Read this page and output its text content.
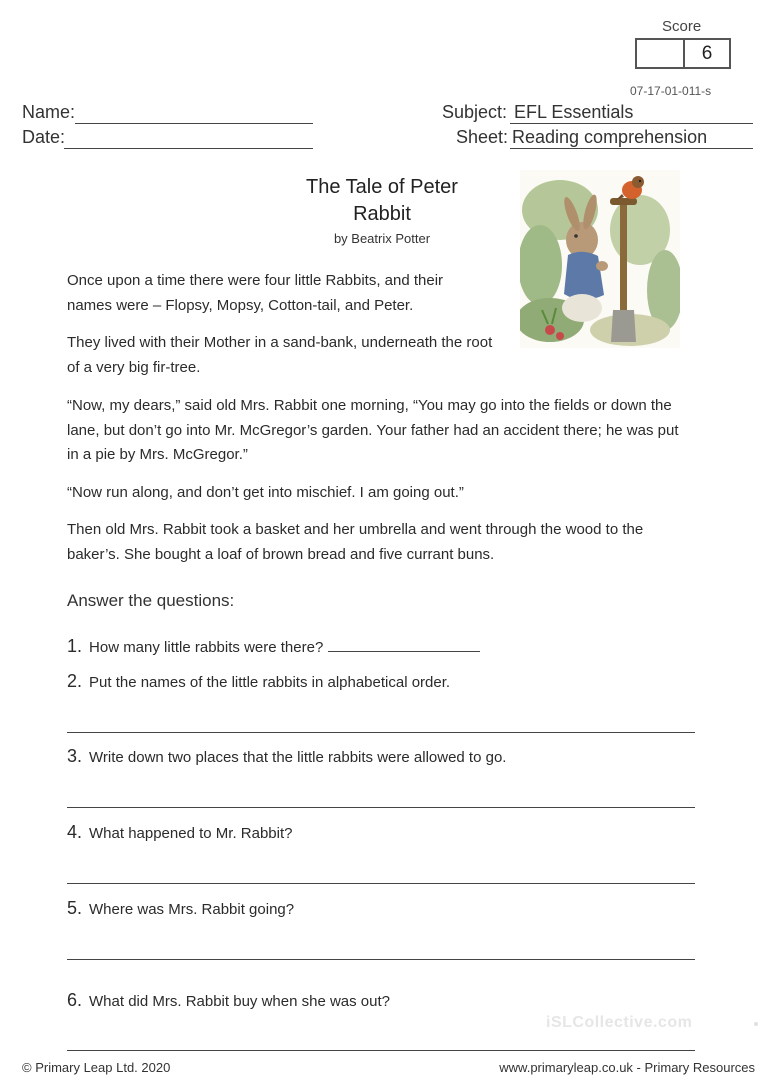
Score
6
07-17-01-011-s
Name:
Date:
Subject: EFL Essentials
Sheet: Reading comprehension
The Tale of Peter
Rabbit
by Beatrix Potter
Once upon a time there were four little Rabbits, and their
names were – Flopsy, Mopsy, Cotton-tail, and Peter.
They lived with their Mother in a sand-bank, underneath the root
of a very big fir-tree.
“Now, my dears,” said old Mrs. Rabbit one morning, “You may go into the fields or down the
lane, but don’t go into Mr. McGregor’s garden. Your father had an accident there; he was put
in a pie by Mrs. McGregor.”
“Now run along, and don’t get into mischief. I am going out.”
Then old Mrs. Rabbit took a basket and her umbrella and went through the wood to the
baker’s. She bought a loaf of brown bread and five currant buns.
Answer the questions:
1. How many little rabbits were there?
2. Put the names of the little rabbits in alphabetical order.
3. Write down two places that the little rabbits were allowed to go.
4. What happened to Mr. Rabbit?
5. Where was Mrs. Rabbit going?
6. What did Mrs. Rabbit buy when she was out?
iSLCollective.com
© Primary Leap Ltd. 2020	www.primaryleap.co.uk - Primary Resources
